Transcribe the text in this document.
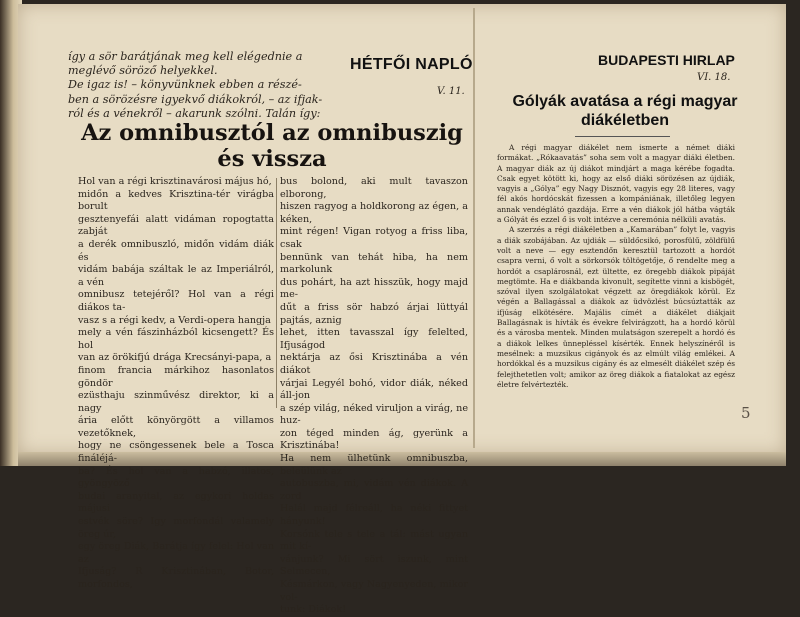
így a sör barátjának meg kell elégednie a

meglévő söröző helyekkel.

De igaz is! – könyvünknek ebben a részé-

ben a sörözésre igyekvő diákokról, – az ifjak-

ról és a vénekről – akarunk szólni. Talán így:

HÉTFŐI NAPLÓ
V. 11.
Az omnibusztól az omnibuszig
és vissza

Hol van a régi krisztinavárosi május hó,

midőn a kedves Krisztina-tér virágba borult

gesztenyefái alatt vidáman ropogtatta zabját

a derék omnibuszló, midőn vidám diák és

vidám babája száltak le az Imperiálról, a vén

omnibusz tetejéről? Hol van a régi diákos ta-

vasz s a régi kedv, a Verdi-opera hangja

mely a vén fászinházból kicsengett? És hol

van az örökifjú drága Krecsányi-papa, a

finom francia márkihoz hasonlatos göndör

ezüsthaju szinművész direktor, ki a nagy

ária előtt könyörgött a villamos vezetőknek,

hogy ne csöngessenek bele a Tosca fináléjá-

ba? És hol van a habzó, illatos, gyöngyöző

budai aranyital, az egykori holdas májusi

estvék söre? Igy morfondál valamely öreg úr,

egy öreg Diák, Barátja így felel: Hol van az

Ifjuság? R Krisztinában, Botor, morfondos,

bus bolond, aki mult tavaszon elborong,

hiszen ragyog a holdkorong az égen, a kéken,

mint régen! Vigan rotyog a friss liba, csak

bennünk van tehát hiba, ha nem markolunk

dus pohárt, ha azt hisszük, hogy majd me-

dűt a friss sör habzó árjai lüttyál pajtás, aznig

lehet, itten tavasszal így felelted, Ifjuságod

nektárja az ősi Krisztinába a vén diákot

várjai Legyél bohó, vidor diák, néked áll-jon

a szép világ, néked viruljon a virág, ne huz-

zon téged minden ág, gyerünk a Krisztinába!

Ha nem ülhetünk omnibuszba, beleülünk az

autobuszba, mi, vidám vén diákok. A zord

Halál majd félreáll, ha néki fittyet hányunk!

Korsónk tele s tele a tál: mást ugyan mit kí-

vánjunk? Mi sört iszunk, mint Selmecen,

Késmárkon, vagy Nagyenyeden, mikor vol-

tunk: Diákok!

BUDAPESTI HIRLAP
VI. 18.
Gólyák avatása a régi magyar
diákéletben

A régi magyar diákélet nem ismerte a német diáki formákat. „Rókaavatás” soha sem volt a magyar diáki életben. A magyar diák az új diákot mindjárt a maga kérébe fogadta. Csak egyet kötött ki, hogy az első diáki sörözésen az újdiák, vagyis a „Gólya” egy Nagy Disznót, vagyis egy 28 literes, vagy fél akós hordócskát fizessen a kompániának, illetőleg legyen annak vendéglátó gazdája. Erre a vén diákok jól hátba vágták a Gólyát és ezzel ő is volt intézve a ceremónia nélküli avatás.

A szerzés a régi diákéletben a „Kamarában” folyt le, vagyis a diák szobájában. Az ujdiák — süldőcsikó, porosfülű, zöldfülű volt a neve — egy esztendőn keresztül tartozott a hordót csapra verni, ő volt a sörkorsók töltögetője, ő rendelte meg a hordót a csaplárosnál, ezt ültette, ez öregebb diákok pipáját megtömte. Ha e diákbanda kivonult, segítette vinni a kisbögét, szóval ilyen szolgálatokat végzett az öregdiákok körül. Ez végén a Ballagással a diákok az üdvözlést búcsúztatták az ifjúság elkötésére. Majális címét a diákélet diákjait Ballagásnak is hívták és évekre felvirágzott, ha a hordó körül és a városba mentek. Minden mulatságon szerepelt a hordó és a diákok lelkes ünnepléssel kísérték. Ennek helyszínéről is mesélnek: a muzsikus cigányok és az elmúlt világ emlékei. A hordókkal és a muzsikus cigány és az elmesélt diákélet szép és felejthetetlen volt; amikor az öreg diákok a fiatalokat az egész életre felvértezték.

5
